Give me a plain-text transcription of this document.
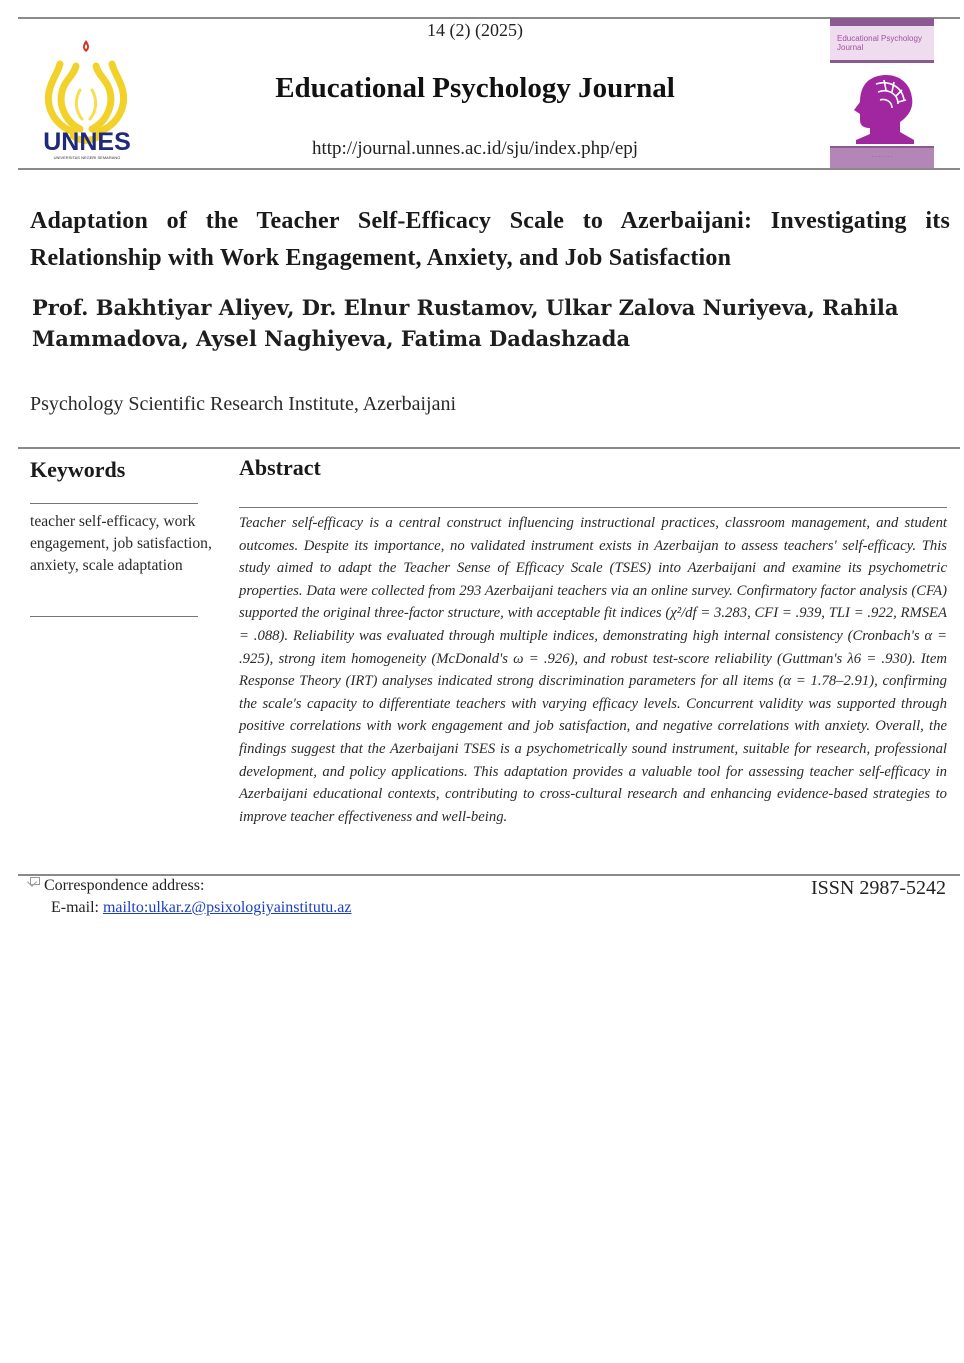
UNNES
UNIVERSITAS NEGERI SEMARANG
14 (2) (2025)
Educational Psychology Journal
http://journal.unnes.ac.id/sju/index.php/epj
Educational Psychology Journal
· · · · · · ·
Adaptation of the Teacher Self-Efficacy Scale to Azerbaijani: Investigating its Relationship with Work Engagement, Anxiety, and Job Satisfaction
Prof. Bakhtiyar Aliyev, Dr. Elnur Rustamov, Ulkar Zalova Nuriyeva, Rahila Mammadova, Aysel Naghiyeva, Fatima Dadashzada
Psychology Scientific Research Institute, Azerbaijani
Keywords
teacher self-efficacy, work engagement, job satisfaction, anxiety, scale adaptation
Abstract
Teacher self-efficacy is a central construct influencing instructional practices, classroom management, and student outcomes. Despite its importance, no validated instrument exists in Azerbaijan to assess teachers' self-efficacy. This study aimed to adapt the Teacher Sense of Efficacy Scale (TSES) into Azerbaijani and examine its psychometric properties. Data were collected from 293 Azerbaijani teachers via an online survey. Confirmatory factor analysis (CFA) supported the original three-factor structure, with acceptable fit indices (χ²/df = 3.283, CFI = .939, TLI = .922, RMSEA = .088). Reliability was evaluated through multiple indices, demonstrating high internal consistency (Cronbach's α = .925), strong item homogeneity (McDonald's ω = .926), and robust test-score reliability (Guttman's λ6 = .930). Item Response Theory (IRT) analyses indicated strong discrimination parameters for all items (α = 1.78–2.91), confirming the scale's capacity to differentiate teachers with varying efficacy levels. Concurrent validity was supported through positive correlations with work engagement and job satisfaction, and negative correlations with anxiety. Overall, the findings suggest that the Azerbaijani TSES is a psychometrically sound instrument, suitable for research, professional development, and policy applications. This adaptation provides a valuable tool for assessing teacher self-efficacy in Azerbaijani educational contexts, contributing to cross-cultural research and enhancing evidence-based strategies to improve teacher effectiveness and well-being.
Correspondence address:
E-mail: mailto:ulkar.z@psixologiyainstitutu.az
ISSN 2987-5242
